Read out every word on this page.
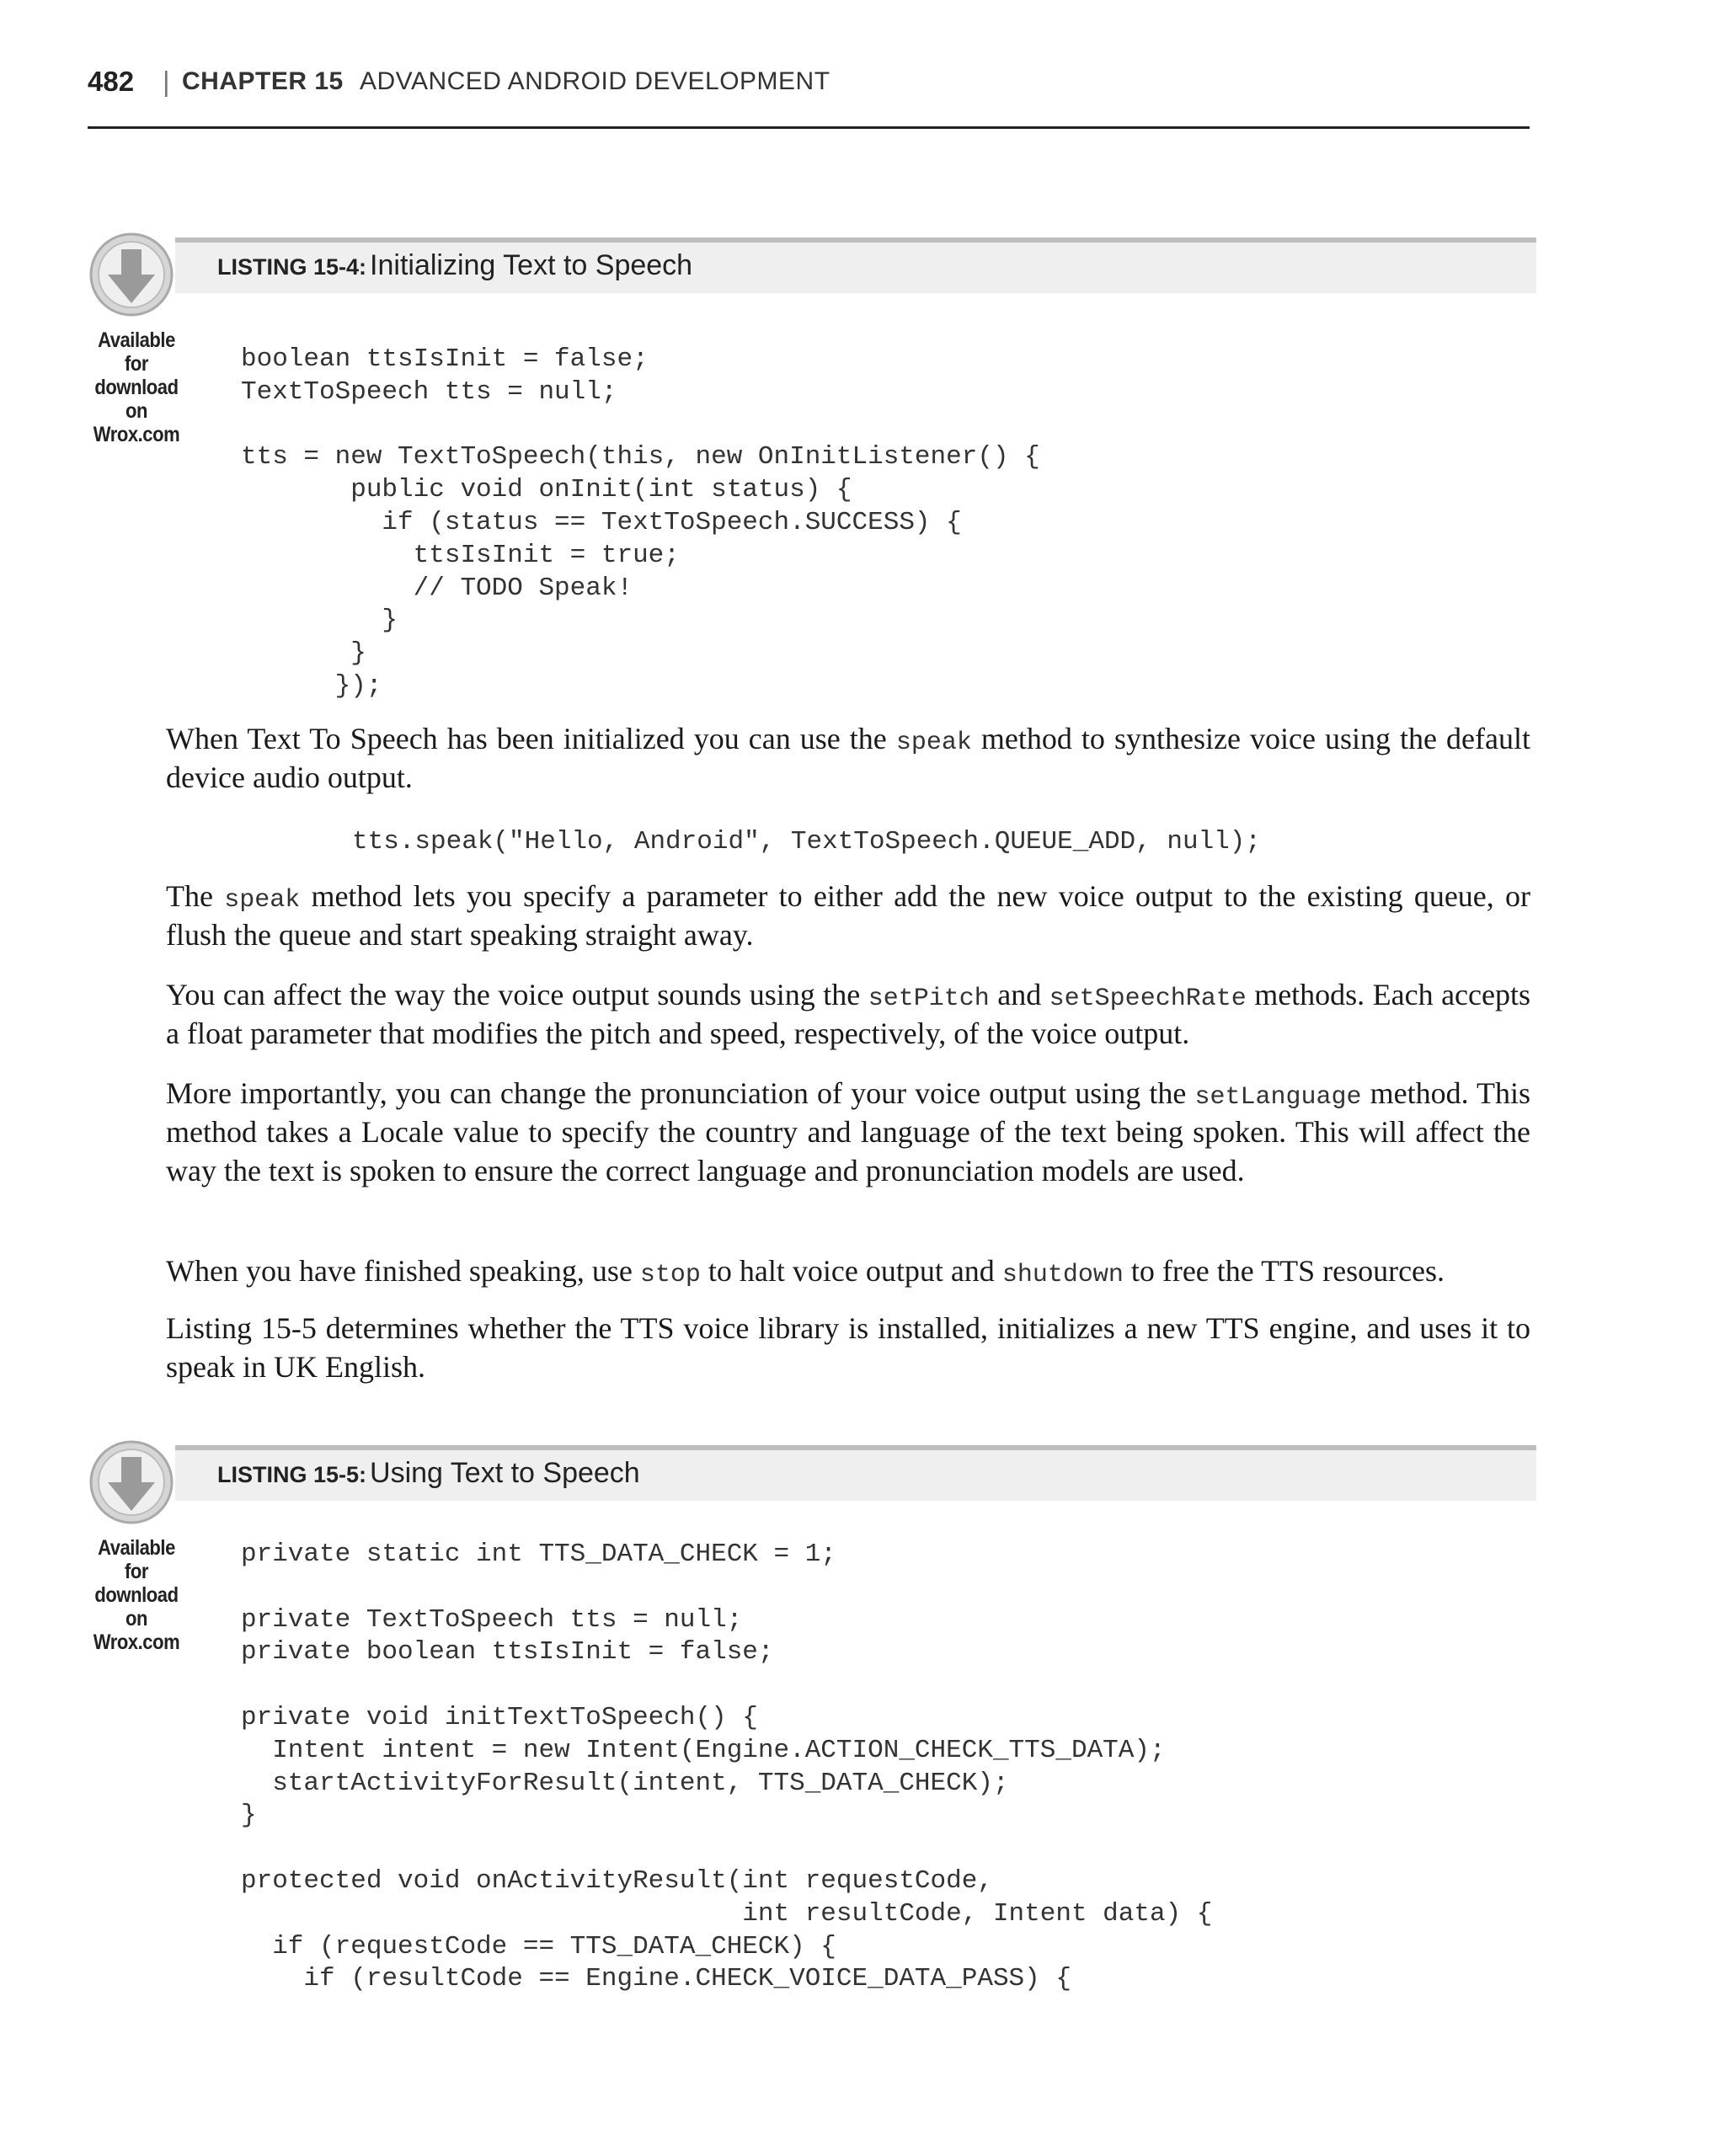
482 | CHAPTER 15 ADVANCED ANDROID DEVELOPMENT
LISTING 15-4: Initializing Text to Speech
Available for
download on
Wrox.com
boolean ttsIsInit = false;
TextToSpeech tts = null;

tts = new TextToSpeech(this, new OnInitListener() {
public void onInit(int status) {
if (status == TextToSpeech.SUCCESS) {
ttsIsInit = true;
// TODO Speak!
}
}
});
When Text To Speech has been initialized you can use the speak method to synthesize voice using the default device audio output.
tts.speak("Hello, Android", TextToSpeech.QUEUE_ADD, null);
The speak method lets you specify a parameter to either add the new voice output to the existing queue, or flush the queue and start speaking straight away.
You can affect the way the voice output sounds using the setPitch and setSpeechRate methods. Each accepts a float parameter that modifies the pitch and speed, respectively, of the voice output.
More importantly, you can change the pronunciation of your voice output using the setLanguage method. This method takes a Locale value to specify the country and language of the text being spoken. This will affect the way the text is spoken to ensure the correct language and pronunciation models are used.
When you have finished speaking, use stop to halt voice output and shutdown to free the TTS resources.
Listing 15-5 determines whether the TTS voice library is installed, initializes a new TTS engine, and uses it to speak in UK English.
LISTING 15-5: Using Text to Speech
Available for
download on
Wrox.com
private static int TTS_DATA_CHECK = 1;

private TextToSpeech tts = null;
private boolean ttsIsInit = false;

private void initTextToSpeech() {
Intent intent = new Intent(Engine.ACTION_CHECK_TTS_DATA);
startActivityForResult(intent, TTS_DATA_CHECK);
}

protected void onActivityResult(int requestCode,
int resultCode, Intent data) {
if (requestCode == TTS_DATA_CHECK) {
if (resultCode == Engine.CHECK_VOICE_DATA_PASS) {
